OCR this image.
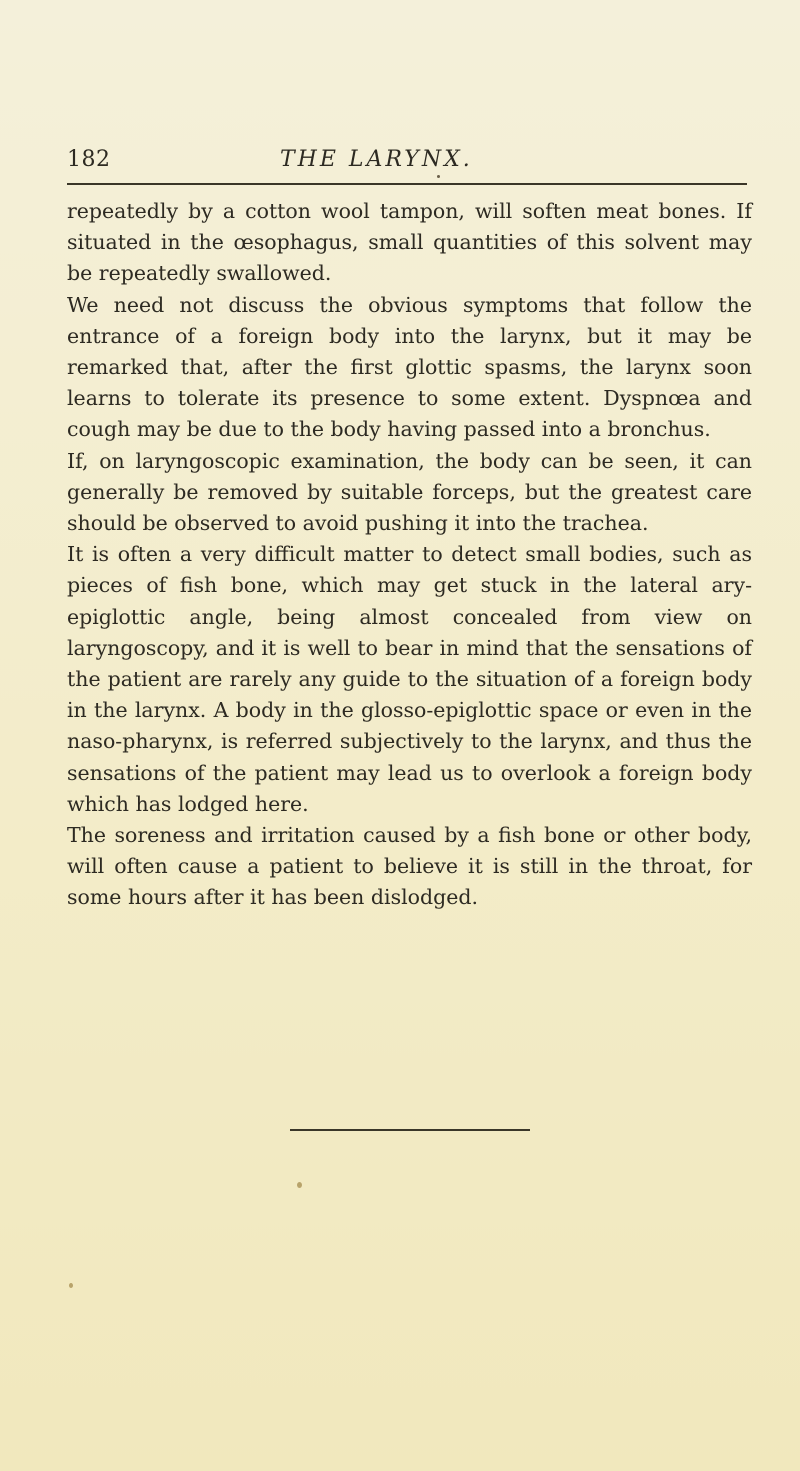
182	THE LARYNX.

repeatedly by a cotton wool tampon, will soften meat bones. If situated in the œsophagus, small quantities of this solvent may be repeatedly swallowed.

We need not discuss the obvious symptoms that follow the entrance of a foreign body into the larynx, but it may be remarked that, after the first glottic spasms, the larynx soon learns to tolerate its presence to some extent. Dyspnœa and cough may be due to the body having passed into a bronchus.

If, on laryngoscopic examination, the body can be seen, it can generally be removed by suitable forceps, but the greatest care should be observed to avoid pushing it into the trachea.

It is often a very difficult matter to detect small bodies, such as pieces of fish bone, which may get stuck in the lateral ary-epiglottic angle, being almost concealed from view on laryngoscopy, and it is well to bear in mind that the sensations of the patient are rarely any guide to the situation of a foreign body in the larynx. A body in the glosso-epiglottic space or even in the naso-pharynx, is referred subjectively to the larynx, and thus the sensations of the patient may lead us to overlook a foreign body which has lodged here.

The soreness and irritation caused by a fish bone or other body, will often cause a patient to believe it is still in the throat, for some hours after it has been dislodged.
